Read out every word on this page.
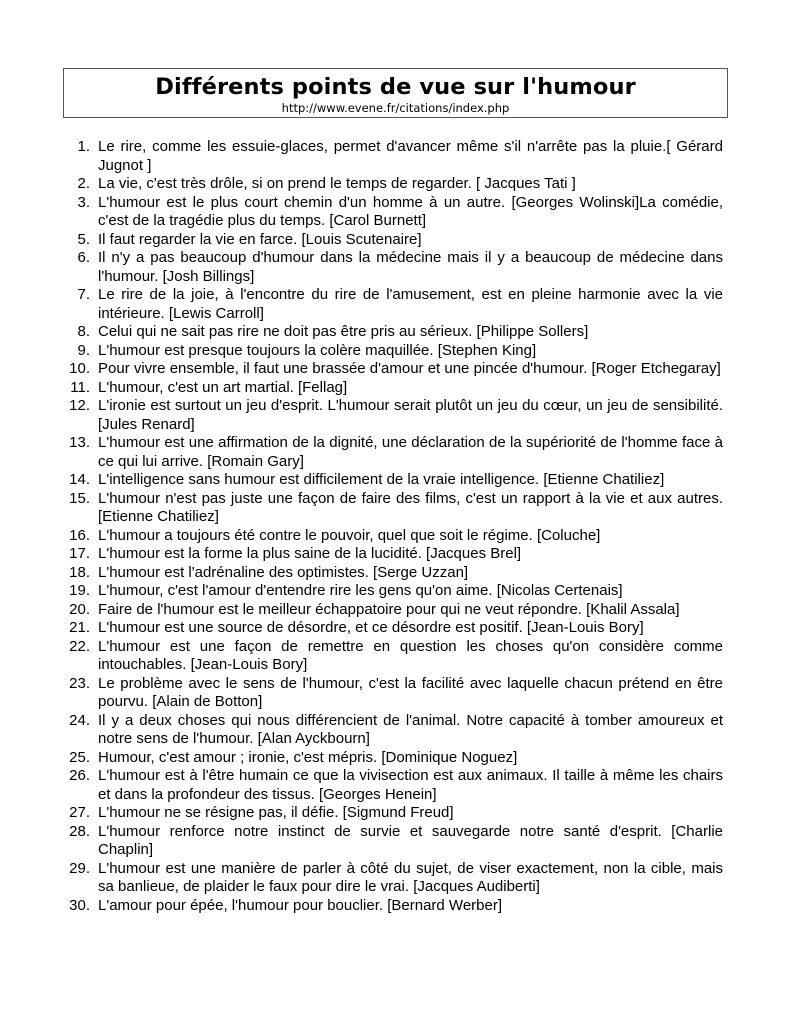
Différents points de vue sur l'humour
http://www.evene.fr/citations/index.php
1. Le rire, comme les essuie-glaces, permet d'avancer même s'il n'arrête pas la pluie.[ Gérard Jugnot ]
2. La vie, c'est très drôle, si on prend le temps de regarder. [ Jacques Tati ]
3. L'humour est le plus court chemin d'un homme à un autre. [Georges Wolinski]La comédie, c'est de la tragédie plus du temps. [Carol Burnett]
5. Il faut regarder la vie en farce. [Louis Scutenaire]
6. Il n'y a pas beaucoup d'humour dans la médecine mais il y a beaucoup de médecine dans l'humour. [Josh Billings]
7. Le rire de la joie, à l'encontre du rire de l'amusement, est en pleine harmonie avec la vie intérieure. [Lewis Carroll]
8. Celui qui ne sait pas rire ne doit pas être pris au sérieux. [Philippe Sollers]
9. L'humour est presque toujours la colère maquillée. [Stephen King]
10. Pour vivre ensemble, il faut une brassée d'amour et une pincée d'humour. [Roger Etchegaray]
11. L'humour, c'est un art martial. [Fellag]
12. L'ironie est surtout un jeu d'esprit. L'humour serait plutôt un jeu du cœur, un jeu de sensibilité. [Jules Renard]
13. L'humour est une affirmation de la dignité, une déclaration de la supériorité de l'homme face à ce qui lui arrive. [Romain Gary]
14. L'intelligence sans humour est difficilement de la vraie intelligence. [Etienne Chatiliez]
15. L'humour n'est pas juste une façon de faire des films, c'est un rapport à la vie et aux autres. [Etienne Chatiliez]
16. L'humour a toujours été contre le pouvoir, quel que soit le régime. [Coluche]
17. L'humour est la forme la plus saine de la lucidité. [Jacques Brel]
18. L'humour est l'adrénaline des optimistes. [Serge Uzzan]
19. L'humour, c'est l'amour d'entendre rire les gens qu'on aime. [Nicolas Certenais]
20. Faire de l'humour est le meilleur échappatoire pour qui ne veut répondre. [Khalil Assala]
21. L'humour est une source de désordre, et ce désordre est positif. [Jean-Louis Bory]
22. L'humour est une façon de remettre en question les choses qu'on considère comme intouchables. [Jean-Louis Bory]
23. Le problème avec le sens de l'humour, c'est la facilité avec laquelle chacun prétend en être pourvu. [Alain de Botton]
24. Il y a deux choses qui nous différencient de l'animal. Notre capacité à tomber amoureux et notre sens de l'humour. [Alan Ayckbourn]
25. Humour, c'est amour ; ironie, c'est mépris. [Dominique Noguez]
26. L'humour est à l'être humain ce que la vivisection est aux animaux. Il taille à même les chairs et dans la profondeur des tissus. [Georges Henein]
27. L'humour ne se résigne pas, il défie. [Sigmund Freud]
28. L'humour renforce notre instinct de survie et sauvegarde notre santé d'esprit. [Charlie Chaplin]
29. L'humour est une manière de parler à côté du sujet, de viser exactement, non la cible, mais sa banlieue, de plaider le faux pour dire le vrai. [Jacques Audiberti]
30. L'amour pour épée, l'humour pour bouclier. [Bernard Werber]
